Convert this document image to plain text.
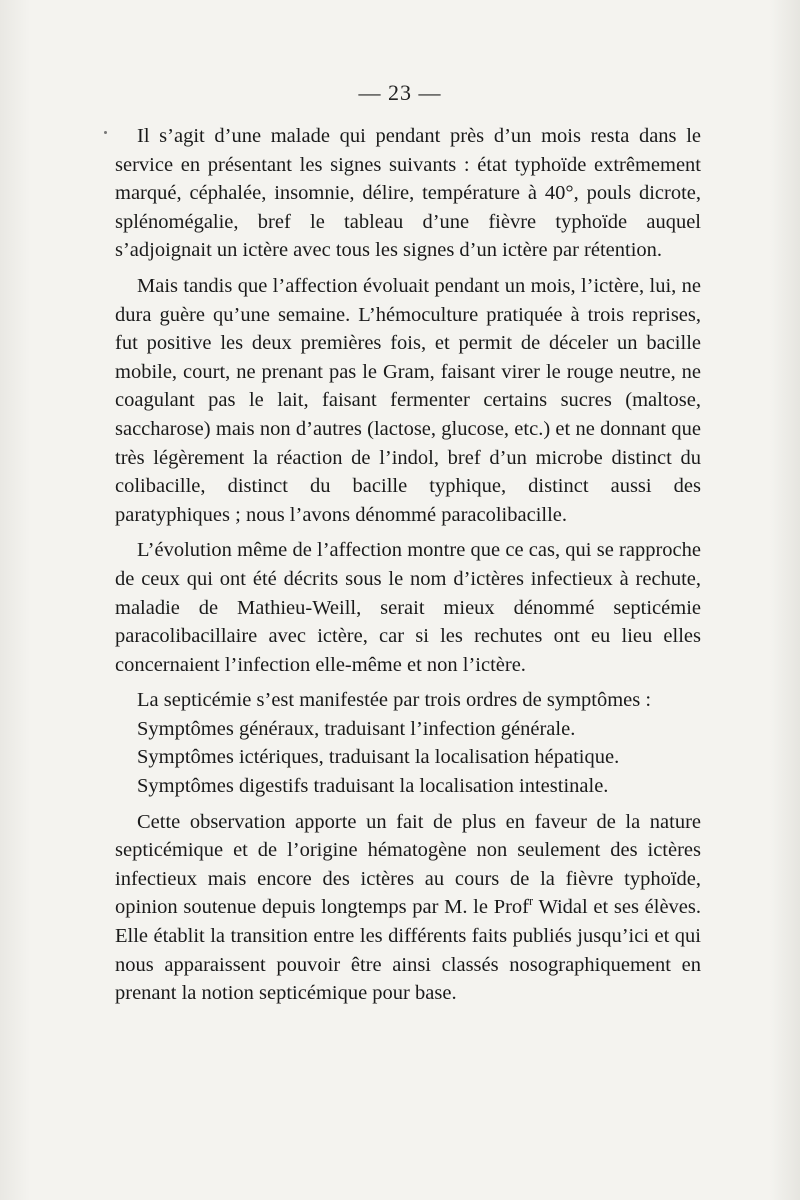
— 23 —

Il s’agit d’une malade qui pendant près d’un mois resta dans le service en présentant les signes suivants : état typhoïde extrêmement marqué, céphalée, insomnie, délire, température à 40°, pouls dicrote, splénomégalie, bref le tableau d’une fièvre typhoïde auquel s’adjoignait un ictère avec tous les signes d’un ictère par rétention.

Mais tandis que l’affection évoluait pendant un mois, l’ictère, lui, ne dura guère qu’une semaine. L’hémoculture pratiquée à trois reprises, fut positive les deux premières fois, et permit de déceler un bacille mobile, court, ne prenant pas le Gram, faisant virer le rouge neutre, ne coagulant pas le lait, faisant fermenter certains sucres (maltose, saccharose) mais non d’autres (lactose, glucose, etc.) et ne donnant que très légèrement la réaction de l’indol, bref d’un microbe distinct du colibacille, distinct du bacille typhique, distinct aussi des paratyphiques ; nous l’avons dénommé paracolibacille.

L’évolution même de l’affection montre que ce cas, qui se rapproche de ceux qui ont été décrits sous le nom d’ictères infectieux à rechute, maladie de Mathieu-Weill, serait mieux dénommé septicémie paracolibacillaire avec ictère, car si les rechutes ont eu lieu elles concernaient l’infection elle-même et non l’ictère.

La septicémie s’est manifestée par trois ordres de symptômes :

Symptômes généraux, traduisant l’infection générale.

Symptômes ictériques, traduisant la localisation hépatique.

Symptômes digestifs traduisant la localisation intestinale.

Cette observation apporte un fait de plus en faveur de la nature septicémique et de l’origine hématogène non seulement des ictères infectieux mais encore des ictères au cours de la fièvre typhoïde, opinion soutenue depuis longtemps par M. le Prof$^r$ Widal et ses élèves. Elle établit la transition entre les différents faits publiés jusqu’ici et qui nous apparaissent pouvoir être ainsi classés nosographiquement en prenant la notion septicémique pour base.
